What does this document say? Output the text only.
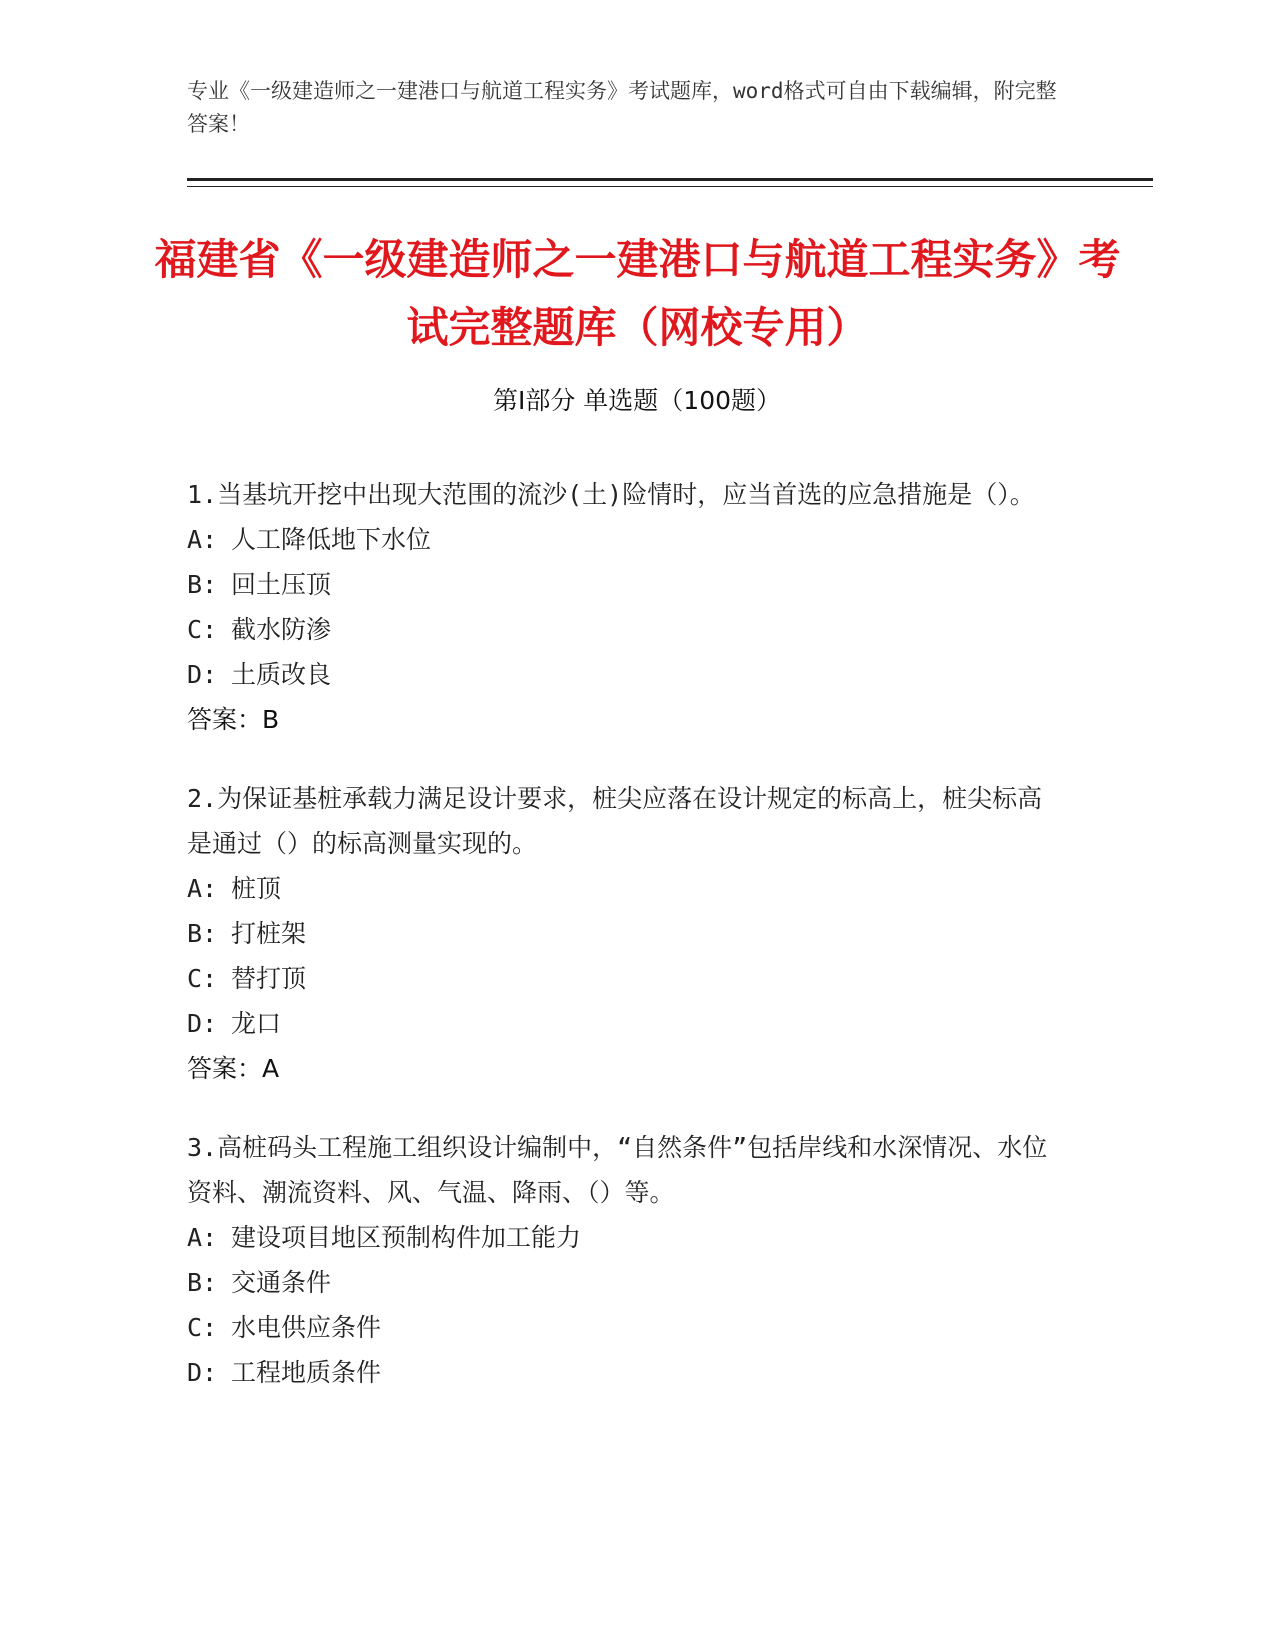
专业《一级建造师之一建港口与航道工程实务》考试题库，word格式可自由下载编辑，附完整答案！
福建省《一级建造师之一建港口与航道工程实务》考试完整题库（网校专用）
第Ⅰ部分 单选题（100题）

1.当基坑开挖中出现大范围的流沙(土)险情时，应当首选的应急措施是（）。

A: 人工降低地下水位

B: 回土压顶

C: 截水防渗

D: 土质改良

答案：B

2.为保证基桩承载力满足设计要求，桩尖应落在设计规定的标高上，桩尖标高是通过（）的标高测量实现的。

A: 桩顶

B: 打桩架

C: 替打顶

D: 龙口

答案：A

3.高桩码头工程施工组织设计编制中，“自然条件”包括岸线和水深情况、水位资料、潮流资料、风、气温、降雨、（）等。

A: 建设项目地区预制构件加工能力

B: 交通条件

C: 水电供应条件

D: 工程地质条件
